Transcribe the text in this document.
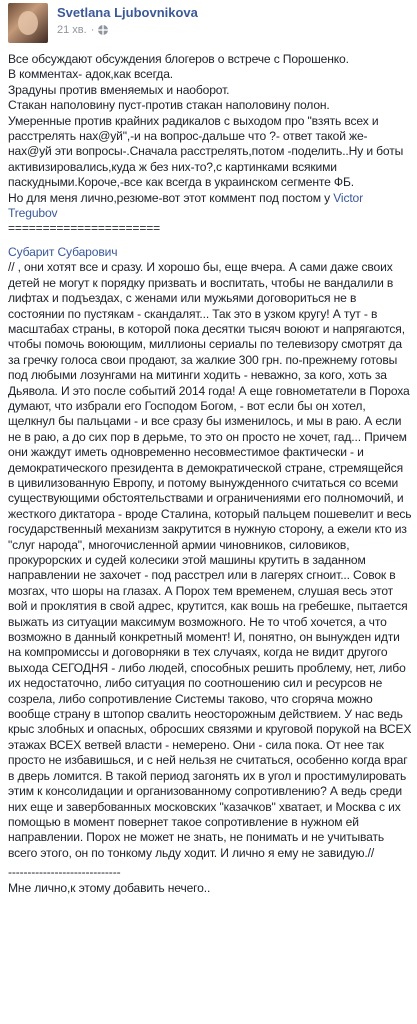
Svetlana Ljubovnikova
21 хв. ·

Все обсуждают обсуждения блогеров о встрече с Порошенко.

В комментах- адок,как всегда.

Зрадуны против вменяемых и наоборот.

Стакан наполовину пуст-против стакан наполовину полон.

Умеренные против крайних радикалов с выходом про "взять всех и расстрелять нах@уй",-и на вопрос-дальше что ?- ответ такой же- нах@уй эти вопросы-.Сначала расстрелять,потом -поделить..Ну и боты активизировались,куда ж без них-то?,с картинками всякими паскудными.Короче,-все как всегда в украинском сегменте ФБ.

Но для меня лично,резюме-вот этот коммент под постом у Victor Tregubov

======================

Субарит Субарович

// , они хотят все и сразу. И хорошо бы, еще вчера. А сами даже своих детей не могут к порядку призвать и воспитать, чтобы не вандалили в лифтах и подъездах, с женами или мужьями договориться не в состоянии по пустякам - скандалят... Так это в узком кругу! А тут - в масштабах страны, в которой пока десятки тысяч воюют и напрягаются, чтобы помочь воюющим, миллионы сериалы по телевизору смотрят да за гречку голоса свои продают, за жалкие 300 грн. по-прежнему готовы под любыми лозунгами на митинги ходить - неважно, за кого, хоть за Дьявола. И это после событий 2014 года! А еще говнометатели в Пороха думают, что избрали его Господом Богом, - вот если бы он хотел, щелкнул бы пальцами - и все сразу бы изменилось, и мы в раю. А если не в раю, а до сих пор в дерьме, то это он просто не хочет, гад... Причем они жаждут иметь одновременно несовместимое фактически - и демократического президента в демократической стране, стремящейся в цивилизованную Европу, и потому вынужденного считаться со всеми существующими обстоятельствами и ограничениями его полномочий, и жесткого диктатора - вроде Сталина, который пальцем пошевелит и весь государственный механизм закрутится в нужную сторону, а ежели кто из "слуг народа", многочисленной армии чиновников, силовиков, прокурорских и судей колесики этой машины крутить в заданном направлении не захочет - под расстрел или в лагерях сгноит... Совок в мозгах, что шоры на глазах. А Порох тем временем, слушая весь этот вой и проклятия в свой адрес, крутится, как вошь на гребешке, пытается выжать из ситуации максимум возможного. Не то чтоб хочется, а что возможно в данный конкретный момент! И, понятно, он вынужден идти на компромиссы и договорняки в тех случаях, когда не видит другого выхода СЕГОДНЯ - либо людей, способных решить проблему, нет, либо их недостаточно, либо ситуация по соотношению сил и ресурсов не созрела, либо сопротивление Системы таково, что сгоряча можно вообще страну в штопор свалить неосторожным действием. У нас ведь крыс злобных и опасных, обросших связями и круговой порукой на ВСЕХ этажах ВСЕХ ветвей власти - немерено. Они - сила пока. От нее так просто не избавишься, и с ней нельзя не считаться, особенно когда враг в дверь ломится. В такой период загонять их в угол и простимулировать этим к консолидации и организованному сопротивлению? А ведь среди них еще и завербованных московских "казачков" хватает, и Москва с их помощью в момент повернет такое сопротивление в нужном ей направлении. Порох не может не знать, не понимать и не учитывать всего этого, он по тонкому льду ходит. И лично я ему не завидую.//

-----------------------------

Мне лично,к этому добавить нечего..
